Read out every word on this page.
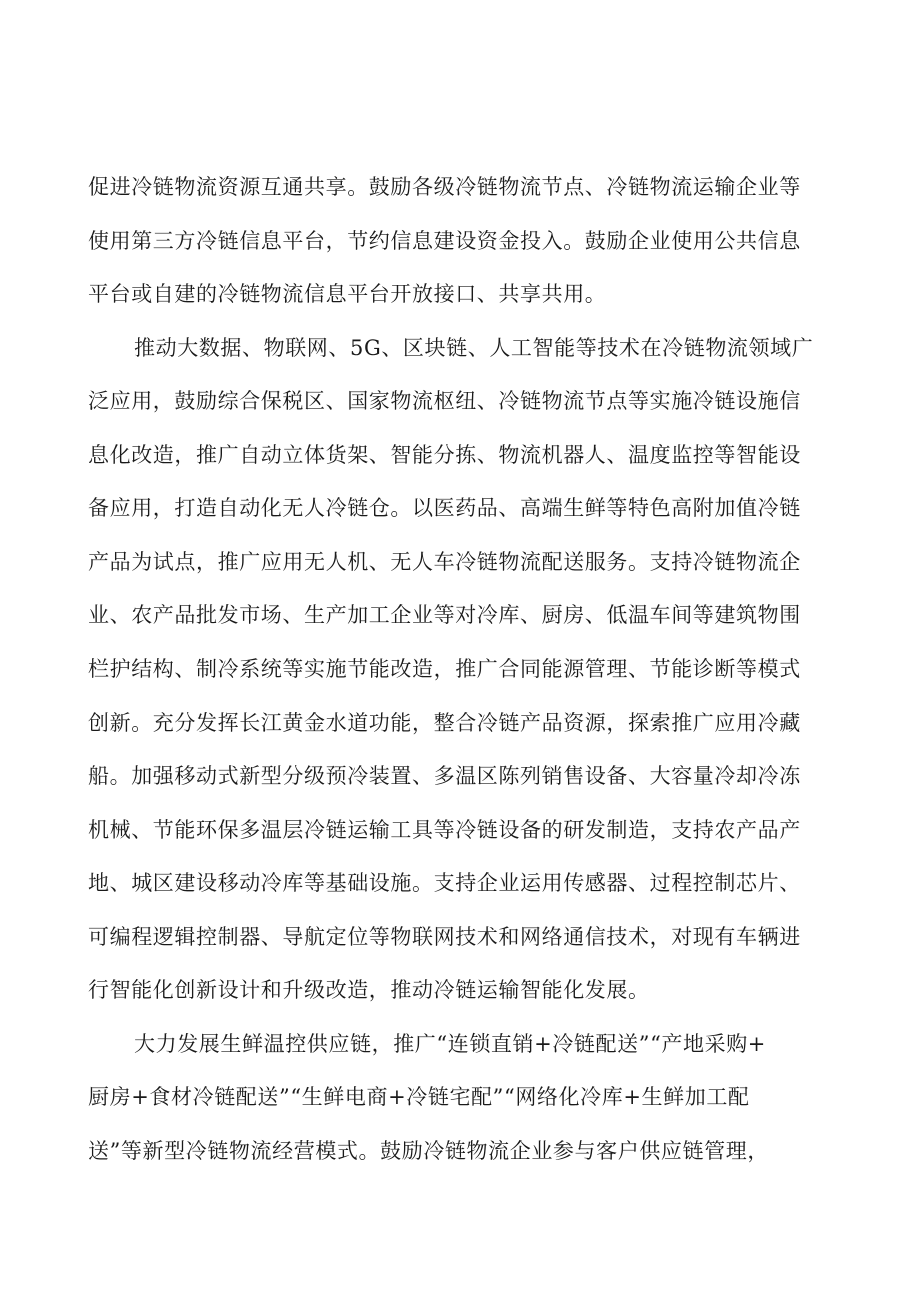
促进冷链物流资源互通共享。鼓励各级冷链物流节点、冷链物流运输企业等
使用第三方冷链信息平台，节约信息建设资金投入。鼓励企业使用公共信息
平台或自建的冷链物流信息平台开放接口、共享共用。
推动大数据、物联网、5G、区块链、人工智能等技术在冷链物流领域广
泛应用，鼓励综合保税区、国家物流枢纽、冷链物流节点等实施冷链设施信
息化改造，推广自动立体货架、智能分拣、物流机器人、温度监控等智能设
备应用，打造自动化无人冷链仓。以医药品、高端生鲜等特色高附加值冷链
产品为试点，推广应用无人机、无人车冷链物流配送服务。支持冷链物流企
业、农产品批发市场、生产加工企业等对冷库、厨房、低温车间等建筑物围
栏护结构、制冷系统等实施节能改造，推广合同能源管理、节能诊断等模式
创新。充分发挥长江黄金水道功能，整合冷链产品资源，探索推广应用冷藏
船。加强移动式新型分级预冷装置、多温区陈列销售设备、大容量冷却冷冻
机械、节能环保多温层冷链运输工具等冷链设备的研发制造，支持农产品产
地、城区建设移动冷库等基础设施。支持企业运用传感器、过程控制芯片、
可编程逻辑控制器、导航定位等物联网技术和网络通信技术，对现有车辆进
行智能化创新设计和升级改造，推动冷链运输智能化发展。
大力发展生鲜温控供应链，推广“连锁直销+冷链配送”“产地采购+
厨房+食材冷链配送”“生鲜电商+冷链宅配”“网络化冷库+生鲜加工配
送”等新型冷链物流经营模式。鼓励冷链物流企业参与客户供应链管理，
